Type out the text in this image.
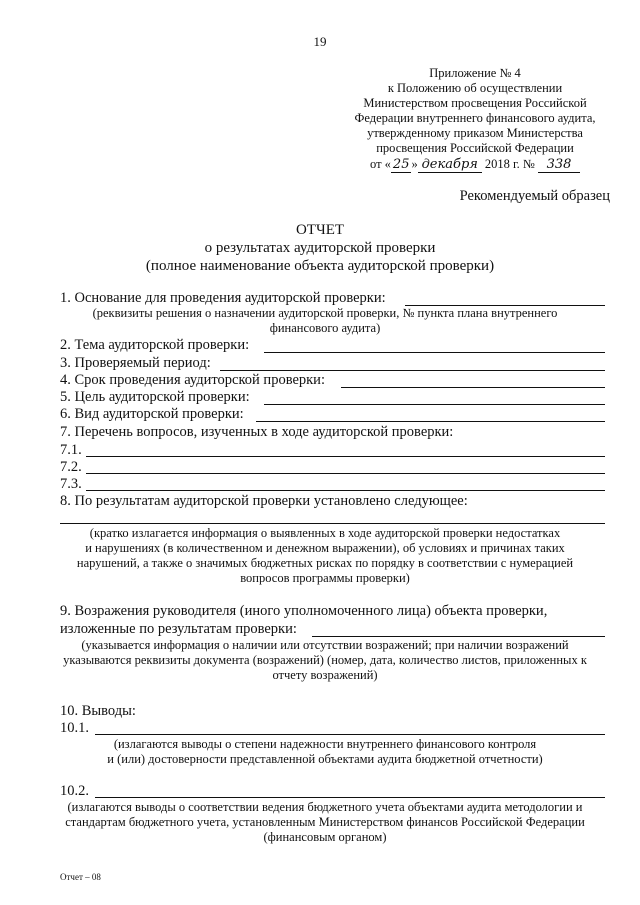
19
Приложение № 4
к Положению об осуществлении
Министерством просвещения Российской
Федерации внутреннего финансового аудита,
утвержденному приказом Министерства
просвещения Российской Федерации
от « 25 » декабря 2018 г. № 338
Рекомендуемый образец
ОТЧЕТ
о результатах аудиторской проверки
(полное наименование объекта аудиторской проверки)
1. Основание для проведения аудиторской проверки:
(реквизиты решения о назначении аудиторской проверки, № пункта плана внутреннего
финансового аудита)
2. Тема аудиторской проверки:
3. Проверяемый период:
4. Срок проведения аудиторской проверки:
5. Цель аудиторской проверки:
6. Вид аудиторской проверки:
7. Перечень вопросов, изученных в ходе аудиторской проверки:
7.1.
7.2.
7.3.
8. По результатам аудиторской проверки установлено следующее:
(кратко излагается информация о выявленных в ходе аудиторской проверки недостатках
и нарушениях (в количественном и денежном выражении), об условиях и причинах таких
нарушений, а также о значимых бюджетных рисках по порядку в соответствии с нумерацией
вопросов программы проверки)
9. Возражения руководителя (иного уполномоченного лица) объекта проверки,
изложенные по результатам проверки:
(указывается информация о наличии или отсутствии возражений; при наличии возражений
указываются реквизиты документа (возражений) (номер, дата, количество листов, приложенных к
отчету возражений)
10. Выводы:
10.1.
(излагаются выводы о степени надежности внутреннего финансового контроля
и (или) достоверности представленной объектами аудита бюджетной отчетности)
10.2.
(излагаются выводы о соответствии ведения бюджетного учета объектами аудита методологии и
стандартам бюджетного учета, установленным Министерством финансов Российской Федерации
(финансовым органом)
Отчет – 08
